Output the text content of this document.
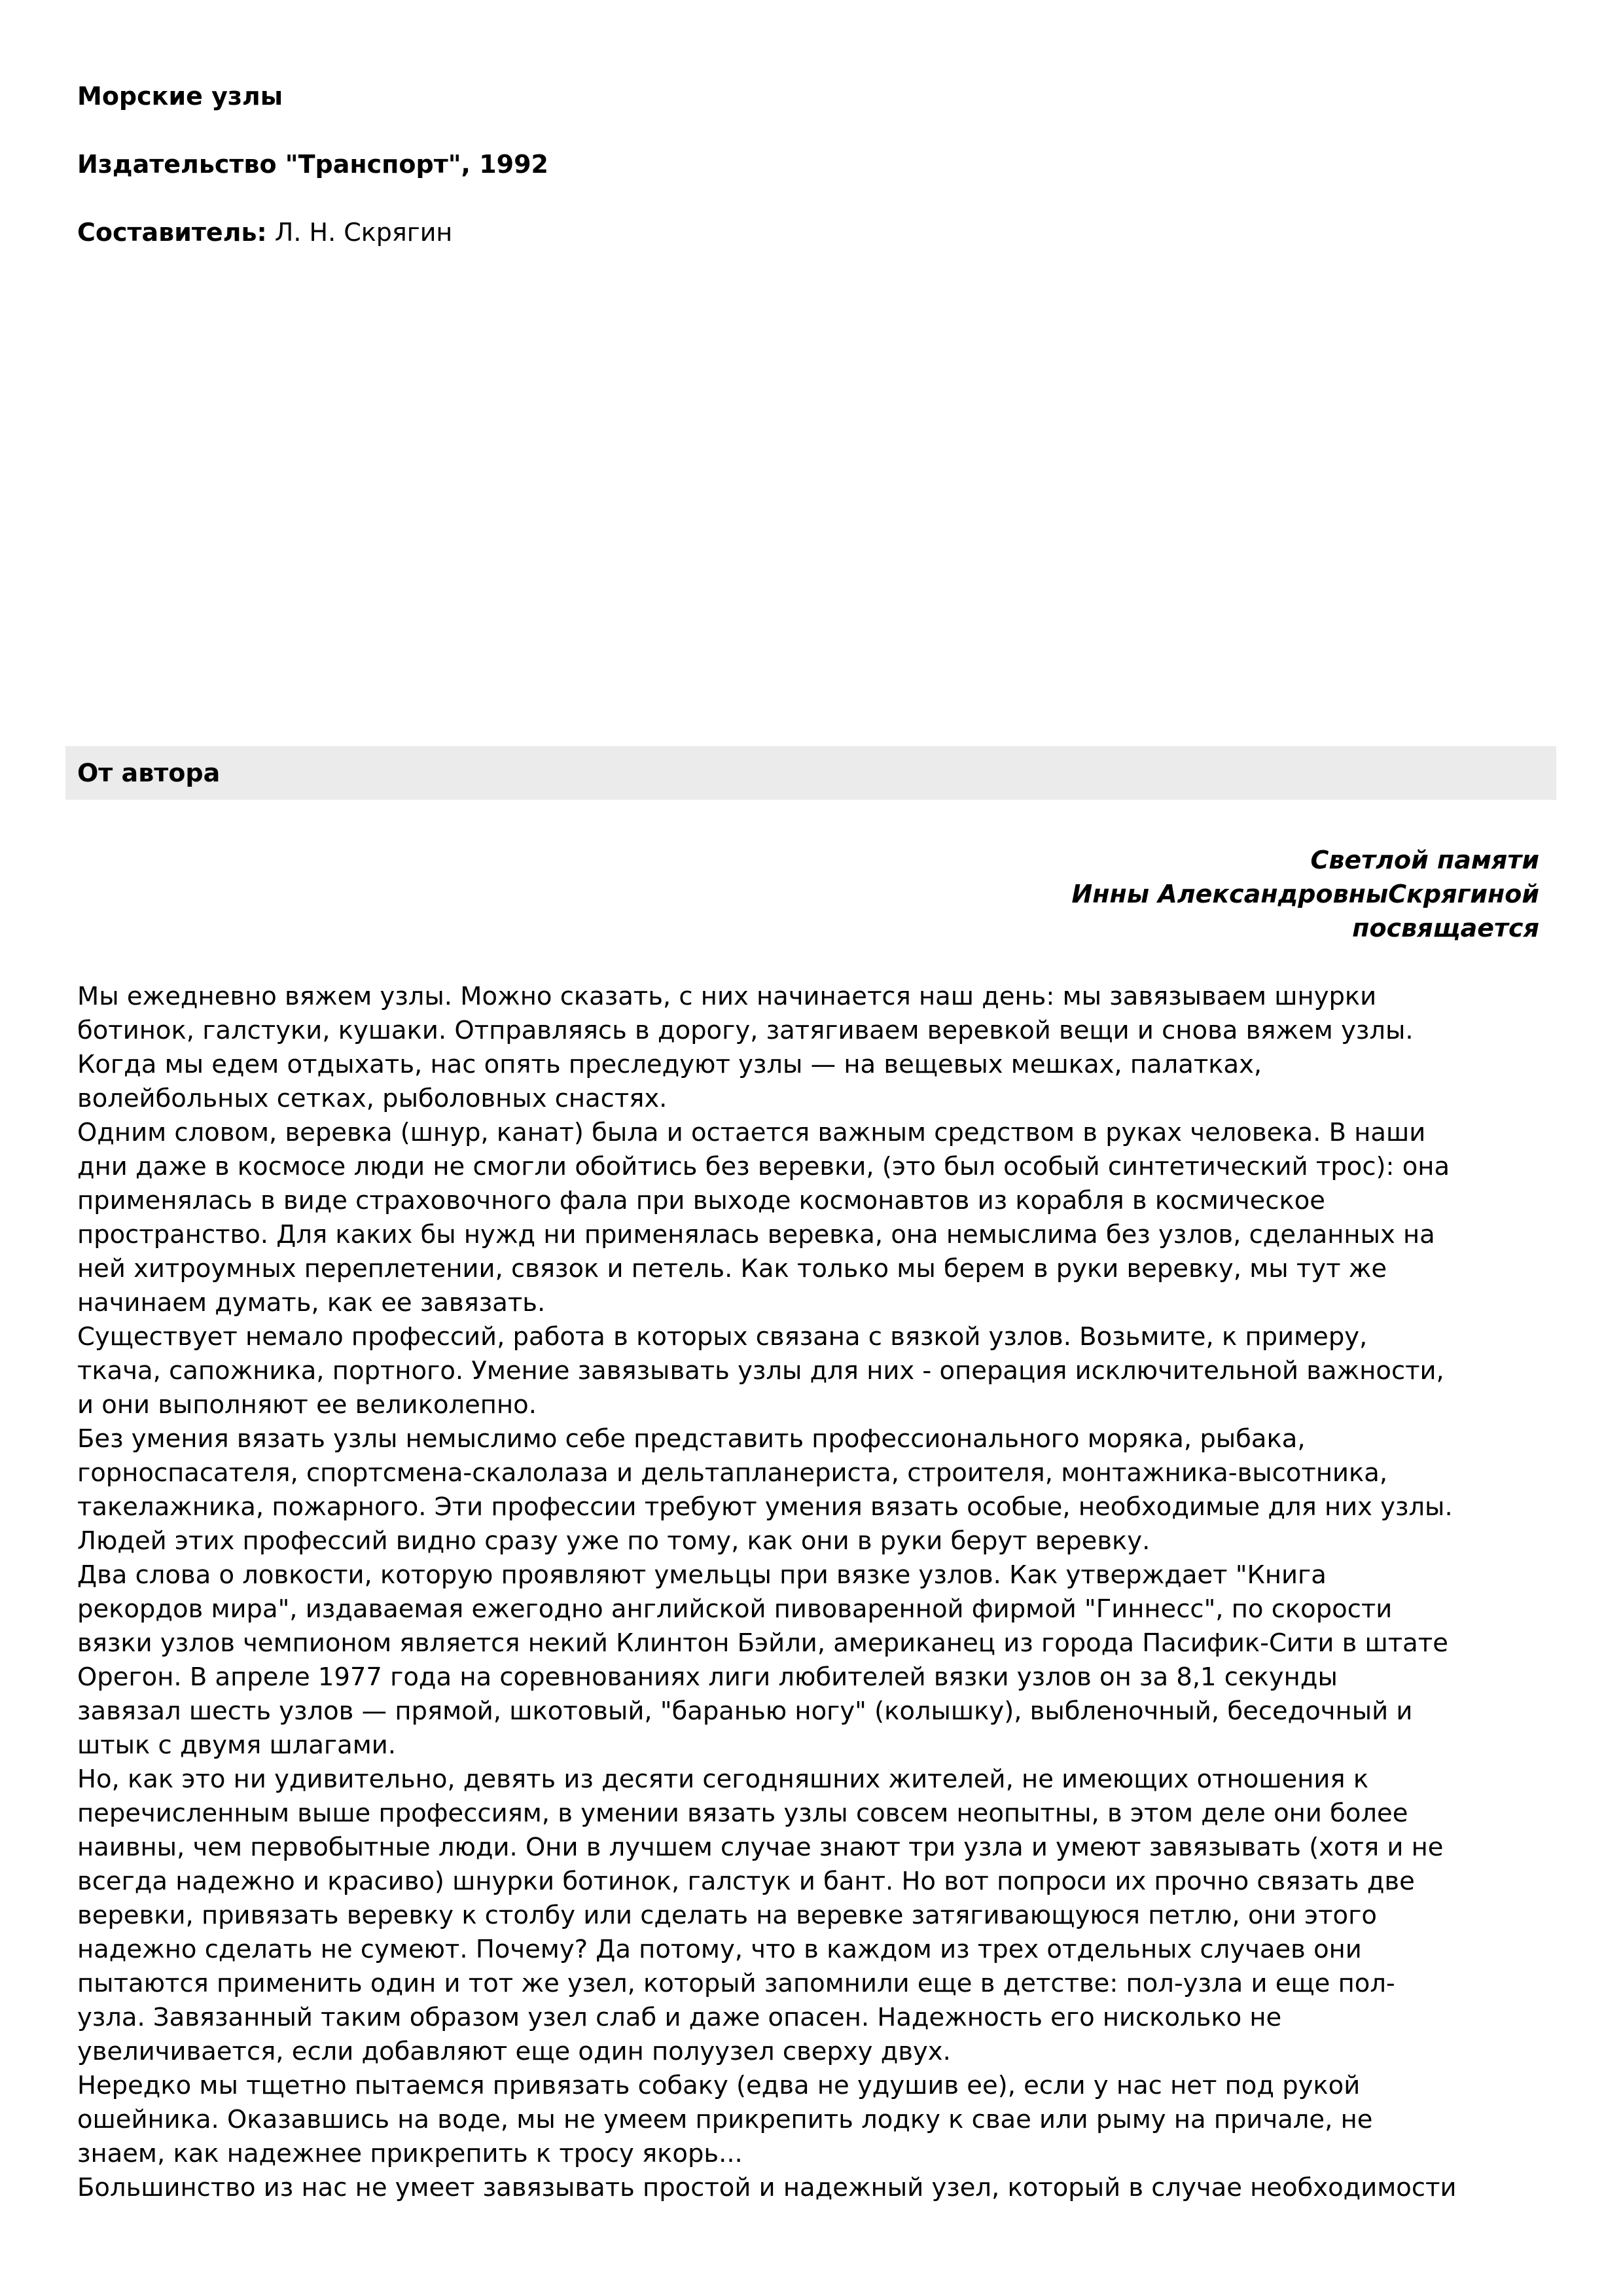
Морские узлы
Издательство "Транспорт", 1992
Составитель: Л. Н. Скрягин
От автора
Светлой памяти
Инны АлександровныСкрягиной
посвящается
Мы ежедневно вяжем узлы. Можно сказать, с них начинается наш день: мы завязываем шнурки
ботинок, галстуки, кушаки. Отправляясь в дорогу, затягиваем веревкой вещи и снова вяжем узлы.
Когда мы едем отдыхать, нас опять преследуют узлы — на вещевых мешках, палатках,
волейбольных сетках, рыболовных снастях.
Одним словом, веревка (шнур, канат) была и остается важным средством в руках человека. В наши
дни даже в космосе люди не смогли обойтись без веревки, (это был особый синтетический трос): она
применялась в виде страховочного фала при выходе космонавтов из корабля в космическое
пространство. Для каких бы нужд ни применялась веревка, она немыслима без узлов, сделанных на
ней хитроумных переплетении, связок и петель. Как только мы берем в руки веревку, мы тут же
начинаем думать, как ее завязать.
Существует немало профессий, работа в которых связана с вязкой узлов. Возьмите, к примеру,
ткача, сапожника, портного. Умение завязывать узлы для них - операция исключительной важности,
и они выполняют ее великолепно.
Без умения вязать узлы немыслимо себе представить профессионального моряка, рыбака,
горноспасателя, спортсмена-скалолаза и дельтапланериста, строителя, монтажника-высотника,
такелажника, пожарного. Эти профессии требуют умения вязать особые, необходимые для них узлы.
Людей этих профессий видно сразу уже по тому, как они в руки берут веревку.
Два слова о ловкости, которую проявляют умельцы при вязке узлов. Как утверждает "Книга
рекордов мира", издаваемая ежегодно английской пивоваренной фирмой "Гиннесс", по скорости
вязки узлов чемпионом является некий Клинтон Бэйли, американец из города Пасифик-Сити в штате
Орегон. В апреле 1977 года на соревнованиях лиги любителей вязки узлов он за 8,1 секунды
завязал шесть узлов — прямой, шкотовый, "баранью ногу" (колышку), выбленочный, беседочный и
штык с двумя шлагами.
Но, как это ни удивительно, девять из десяти сегодняшних жителей, не имеющих отношения к
перечисленным выше профессиям, в умении вязать узлы совсем неопытны, в этом деле они более
наивны, чем первобытные люди. Они в лучшем случае знают три узла и умеют завязывать (хотя и не
всегда надежно и красиво) шнурки ботинок, галстук и бант. Но вот попроси их прочно связать две
веревки, привязать веревку к столбу или сделать на веревке затягивающуюся петлю, они этого
надежно сделать не сумеют. Почему? Да потому, что в каждом из трех отдельных случаев они
пытаются применить один и тот же узел, который запомнили еще в детстве: пол-узла и еще пол-
узла. Завязанный таким образом узел слаб и даже опасен. Надежность его нисколько не
увеличивается, если добавляют еще один полуузел сверху двух.
Нередко мы тщетно пытаемся привязать собаку (едва не удушив ее), если у нас нет под рукой
ошейника. Оказавшись на воде, мы не умеем прикрепить лодку к свае или рыму на причале, не
знаем, как надежнее прикрепить к тросу якорь...
Большинство из нас не умеет завязывать простой и надежный узел, который в случае необходимости
